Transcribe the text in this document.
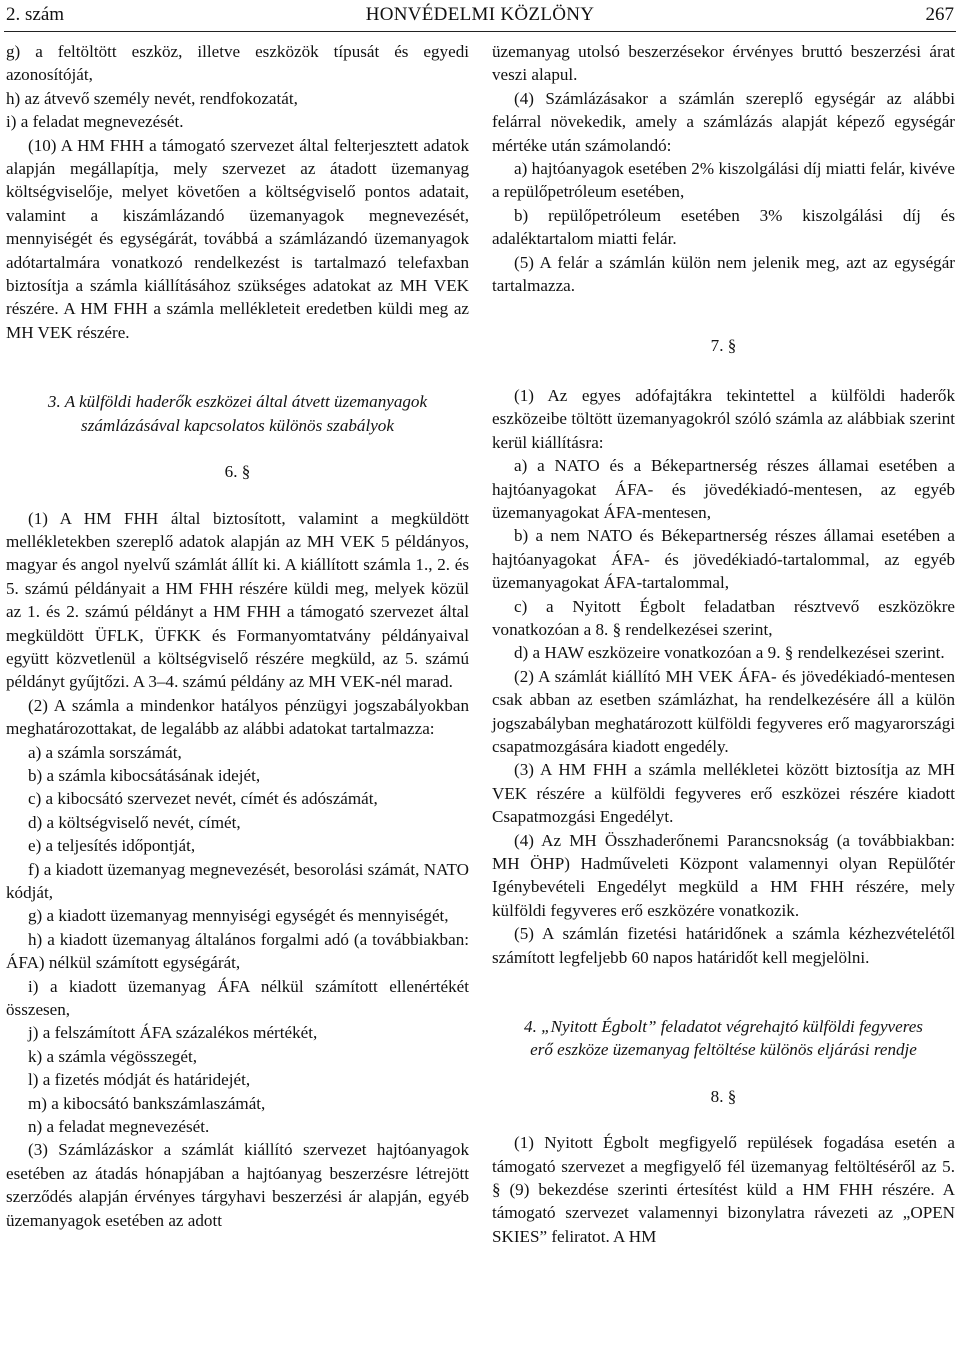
2. szám	HONVÉDELMI KÖZLÖNY	267

g) a feltöltött eszköz, illetve eszközök típusát és egyedi azonosítóját,

h) az átvevő személy nevét, rendfokozatát,

i) a feladat megnevezését.

(10) A HM FHH a támogató szervezet által felterjesztett adatok alapján megállapítja, mely szervezet az átadott üzemanyag költségviselője, melyet követően a költségviselő pontos adatait, valamint a kiszámlázandó üzemanyagok megnevezését, mennyiségét és egységárát, továbbá a számlázandó üzemanyagok adótartalmára vonatkozó rendelkezést is tartalmazó telefaxban biztosítja a számla kiállításához szükséges adatokat az MH VEK részére. A HM FHH a számla mellékleteit eredetben küldi meg az MH VEK részére.

3. A külföldi haderők eszközei által átvett üzemanyagok számlázásával kapcsolatos különös szabályok

6. §

(1) A HM FHH által biztosított, valamint a megküldött mellékletekben szereplő adatok alapján az MH VEK 5 példányos, magyar és angol nyelvű számlát állít ki. A kiállított számla 1., 2. és 5. számú példányait a HM FHH részére küldi meg, melyek közül az 1. és 2. számú példányt a HM FHH a támogató szervezet által megküldött ÜFLK, ÜFKK és Formanyomtatvány példányaival együtt közvetlenül a költségviselő részére megküld, az 5. számú példányt gyűjtőzi. A 3–4. számú példány az MH VEK-nél marad.

(2) A számla a mindenkor hatályos pénzügyi jogszabályokban meghatározottakat, de legalább az alábbi adatokat tartalmazza:

a) a számla sorszámát,

b) a számla kibocsátásának idejét,

c) a kibocsátó szervezet nevét, címét és adószámát,

d) a költségviselő nevét, címét,

e) a teljesítés időpontját,

f) a kiadott üzemanyag megnevezését, besorolási számát, NATO kódját,

g) a kiadott üzemanyag mennyiségi egységét és mennyiségét,

h) a kiadott üzemanyag általános forgalmi adó (a továbbiakban: ÁFA) nélkül számított egységárát,

i) a kiadott üzemanyag ÁFA nélkül számított ellenértékét összesen,

j) a felszámított ÁFA százalékos mértékét,

k) a számla végösszegét,

l) a fizetés módját és határidejét,

m) a kibocsátó bankszámlaszámát,

n) a feladat megnevezését.

(3) Számlázáskor a számlát kiállító szervezet hajtóanyagok esetében az átadás hónapjában a hajtóanyag beszerzésre létrejött szerződés alapján érvényes tárgyhavi beszerzési ár alapján, egyéb üzemanyagok esetében az adott

üzemanyag utolsó beszerzésekor érvényes bruttó beszerzési árat veszi alapul.

(4) Számlázásakor a számlán szereplő egységár az alábbi felárral növekedik, amely a számlázás alapját képező egységár mértéke után számolandó:

a) hajtóanyagok esetében 2% kiszolgálási díj miatti felár, kivéve a repülőpetróleum esetében,

b) repülőpetróleum esetében 3% kiszolgálási díj és adaléktartalom miatti felár.

(5) A felár a számlán külön nem jelenik meg, azt az egységár tartalmazza.

7. §

(1) Az egyes adófajtákra tekintettel a külföldi haderők eszközeibe töltött üzemanyagokról szóló számla az alábbiak szerint kerül kiállításra:

a) a NATO és a Békepartnerség részes államai esetében a hajtóanyagokat ÁFA- és jövedékiadó-mentesen, az egyéb üzemanyagokat ÁFA-mentesen,

b) a nem NATO és Békepartnerség részes államai esetében a hajtóanyagokat ÁFA- és jövedékiadó-tartalommal, az egyéb üzemanyagokat ÁFA-tartalommal,

c) a Nyitott Égbolt feladatban résztvevő eszközökre vonatkozóan a 8. § rendelkezései szerint,

d) a HAW eszközeire vonatkozóan a 9. § rendelkezései szerint.

(2) A számlát kiállító MH VEK ÁFA- és jövedékiadó-mentesen csak abban az esetben számlázhat, ha rendelkezésére áll a külön jogszabályban meghatározott külföldi fegyveres erő magyarországi csapatmozgására kiadott engedély.

(3) A HM FHH a számla mellékletei között biztosítja az MH VEK részére a külföldi fegyveres erő eszközei részére kiadott Csapatmozgási Engedélyt.

(4) Az MH Összhaderőnemi Parancsnokság (a továbbiakban: MH ÖHP) Hadműveleti Központ valamennyi olyan Repülőtér Igénybevételi Engedélyt megküld a HM FHH részére, mely külföldi fegyveres erő eszközére vonatkozik.

(5) A számlán fizetési határidőnek a számla kézhezvételétől számított legfeljebb 60 napos határidőt kell megjelölni.

4. „Nyitott Égbolt” feladatot végrehajtó külföldi fegyveres erő eszköze üzemanyag feltöltése különös eljárási rendje

8. §

(1) Nyitott Égbolt megfigyelő repülések fogadása esetén a támogató szervezet a megfigyelő fél üzemanyag feltöltéséről az 5. § (9) bekezdése szerinti értesítést küld a HM FHH részére. A támogató szervezet valamennyi bizonylatra rávezeti az „OPEN SKIES” feliratot. A HM
